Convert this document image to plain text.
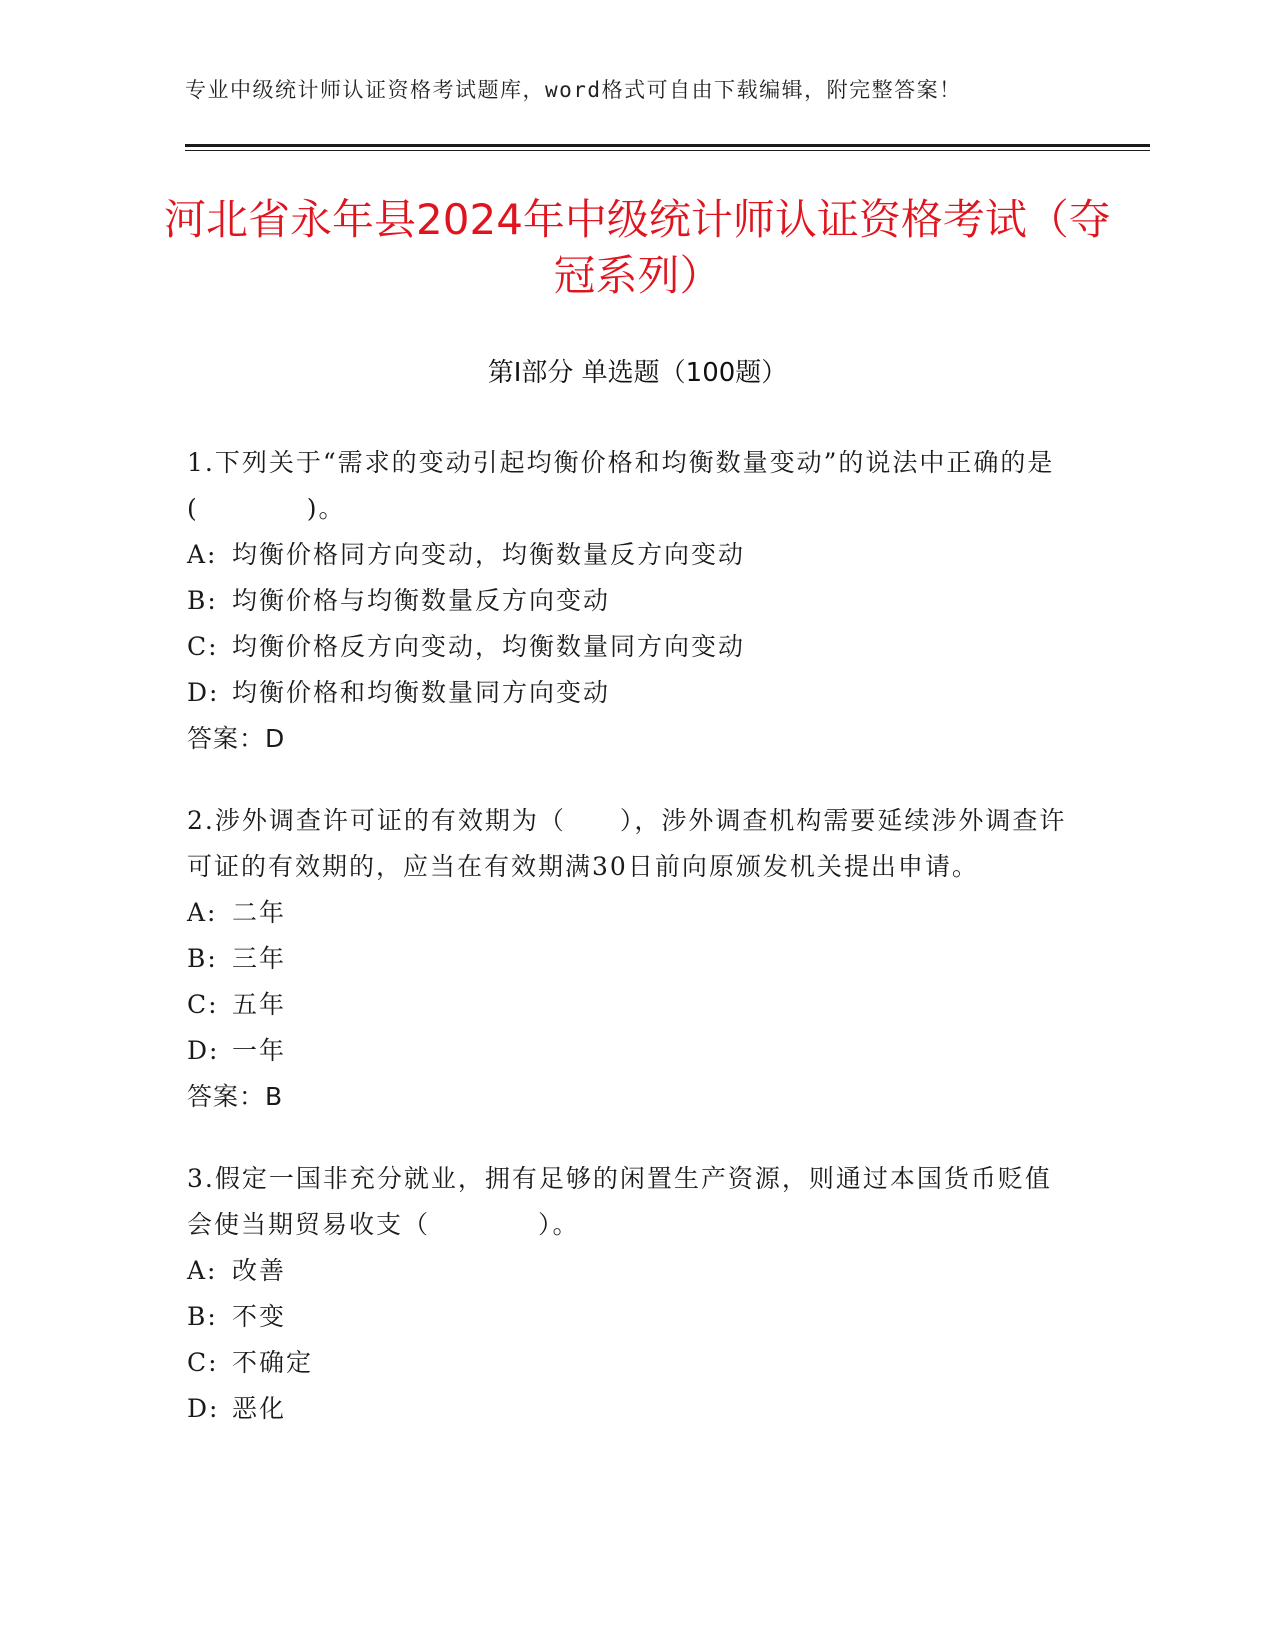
专业中级统计师认证资格考试题库，word格式可自由下载编辑，附完整答案！
河北省永年县2024年中级统计师认证资格考试（夺冠系列）
第Ⅰ部分 单选题（100题）

1.下列关于“需求的变动引起均衡价格和均衡数量变动”的说法中正确的是(　　　　)。

A: 均衡价格同方向变动，均衡数量反方向变动

B: 均衡价格与均衡数量反方向变动

C: 均衡价格反方向变动，均衡数量同方向变动

D: 均衡价格和均衡数量同方向变动

答案：D

2.涉外调查许可证的有效期为（　　），涉外调查机构需要延续涉外调查许可证的有效期的，应当在有效期满30日前向原颁发机关提出申请。

A: 二年

B: 三年

C: 五年

D: 一年

答案：B

3.假定一国非充分就业，拥有足够的闲置生产资源，则通过本国货币贬值会使当期贸易收支（　　　　）。

A: 改善

B: 不变

C: 不确定

D: 恶化
